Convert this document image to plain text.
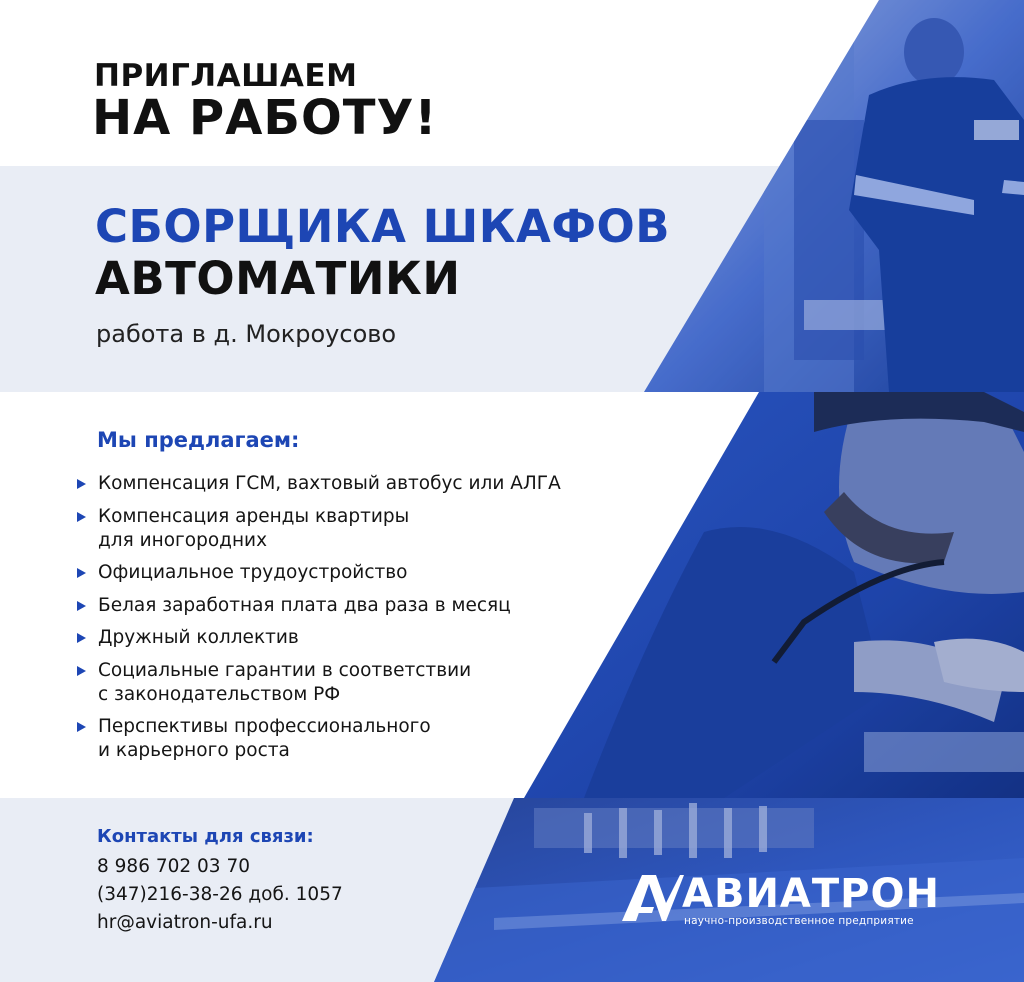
ПРИГЛАШАЕМ
НА РАБОТУ!
СБОРЩИКА ШКАФОВ
АВТОМАТИКИ
работа в д. Мокроусово
Мы предлагаем:
Компенсация ГСМ, вахтовый автобус или АЛГА
Компенсация аренды квартиры
для иногородних
Официальное трудоустройство
Белая заработная плата два раза в месяц
Дружный коллектив
Социальные гарантии в соответствии
с законодательством РФ
Перспективы профессионального
и карьерного роста
Контакты для связи:
8 986 702 03 70
(347)216-38-26 доб. 1057
hr@aviatron-ufa.ru
АВИАТРОН
научно-производственное предприятие
